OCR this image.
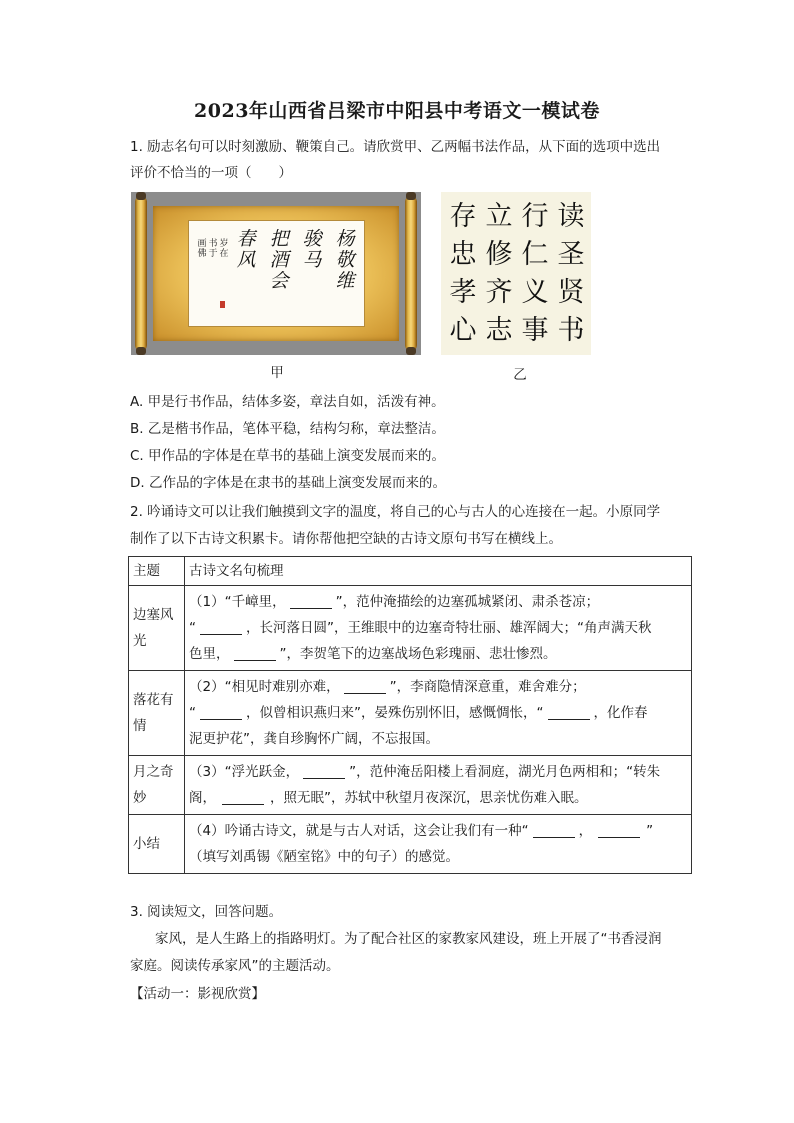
2023年山西省吕梁市中阳县中考语文一模试卷
1. 励志名句可以时刻激励、鞭策自己。请欣赏甲、乙两幅书法作品，从下面的选项中选出
评价不恰当的一项（　　）
杨敬维
骏马
把酒会
春风
岁在
书于
画佛
读圣贤书
行仁义事
立修齐志
存忠孝心
甲	乙
A. 甲是行书作品，结体多姿，章法自如，活泼有神。
B. 乙是楷书作品，笔体平稳，结构匀称，章法整洁。
C. 甲作品的字体是在草书的基础上演变发展而来的。
D. 乙作品的字体是在隶书的基础上演变发展而来的。
2. 吟诵诗文可以让我们触摸到文字的温度，将自己的心与古人的心连接在一起。小原同学
制作了以下古诗文积累卡。请你帮他把空缺的古诗文原句书写在横线上。
主题	古诗文名句梳理
边塞风光	（1）“千嶂里， ”，范仲淹描绘的边塞孤城紧闭、肃杀苍凉；
“ ，长河落日圆”，王维眼中的边塞奇特壮丽、雄浑阔大；“角声满天秋
色里， ”，李贺笔下的边塞战场色彩瑰丽、悲壮惨烈。

落花有情	（2）“相见时难别亦难， ”，李商隐情深意重，难舍难分；
“ ，似曾相识燕归来”，晏殊伤别怀旧，感慨惆怅，“ ，化作春
泥更护花”，龚自珍胸怀广阔，不忘报国。

月之奇妙	（3）“浮光跃金， ”，范仲淹岳阳楼上看洞庭，湖光月色两相和；“转朱
阁， ，照无眠”，苏轼中秋望月夜深沉，思亲忧伤难入眠。

小结	（4）吟诵古诗文，就是与古人对话，这会让我们有一种“ ， ”
（填写刘禹锡《陋室铭》中的句子）的感觉。
3. 阅读短文，回答问题。
家风，是人生路上的指路明灯。为了配合社区的家教家风建设，班上开展了“书香浸润
家庭。阅读传承家风”的主题活动。
【活动一：影视欣赏】
